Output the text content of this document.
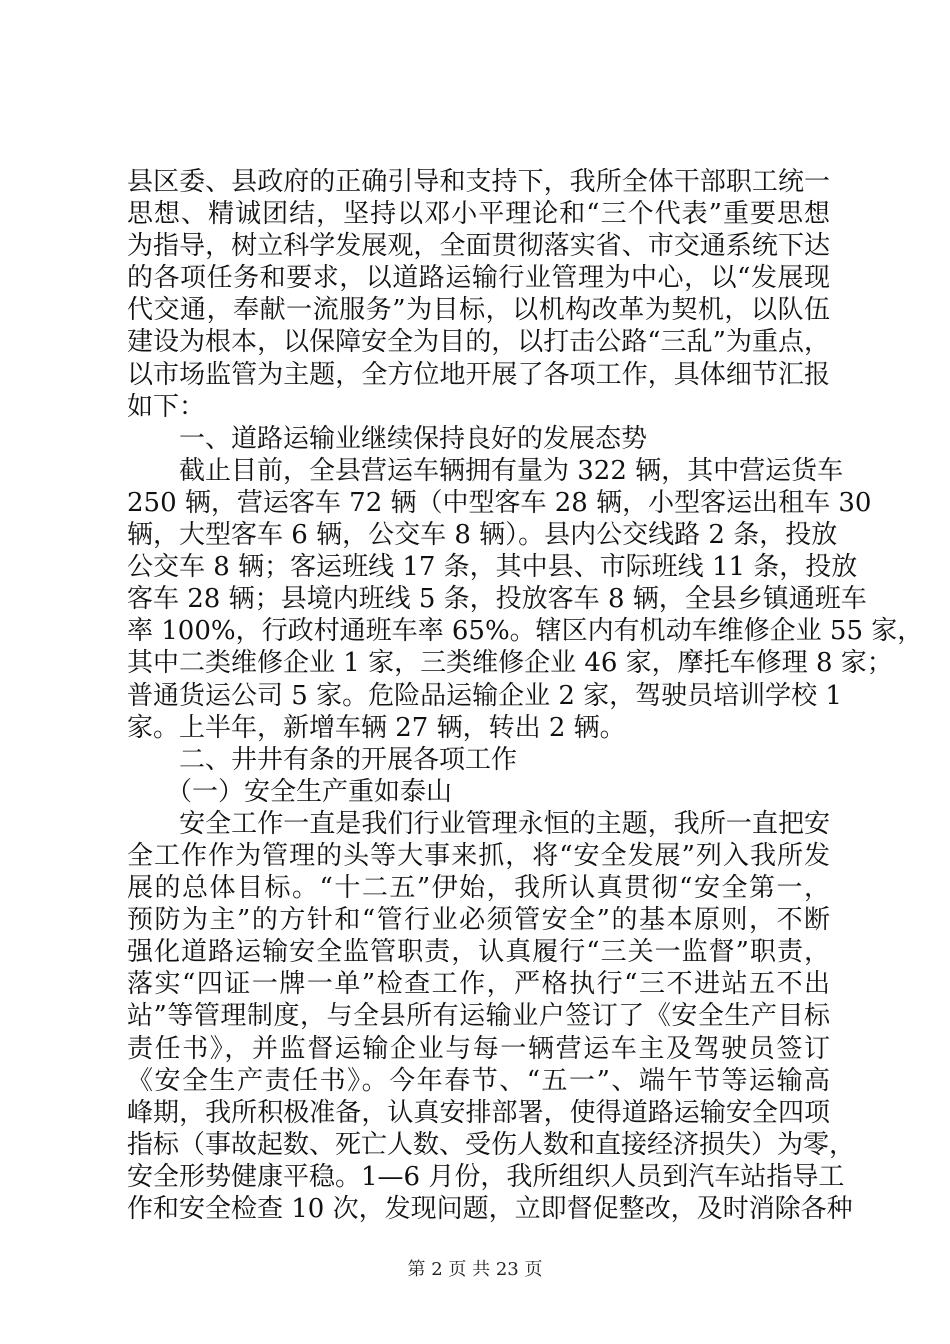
县区委、县政府的正确引导和支持下，我所全体干部职工统一
思想、精诚团结，坚持以邓小平理论和“三个代表”重要思想
为指导，树立科学发展观，全面贯彻落实省、市交通系统下达
的各项任务和要求，以道路运输行业管理为中心，以“发展现
代交通，奉献一流服务”为目标，以机构改革为契机，以队伍
建设为根本，以保障安全为目的，以打击公路“三乱”为重点，
以市场监管为主题，全方位地开展了各项工作，具体细节汇报
如下：
　　一、道路运输业继续保持良好的发展态势
　　截止目前，全县营运车辆拥有量为 322 辆，其中营运货车
250 辆，营运客车 72 辆（中型客车 28 辆，小型客运出租车 30
辆，大型客车 6 辆，公交车 8 辆）。县内公交线路 2 条，投放
公交车 8 辆；客运班线 17 条，其中县、市际班线 11 条，投放
客车 28 辆；县境内班线 5 条，投放客车 8 辆，全县乡镇通班车
率 100%，行政村通班车率 65%。辖区内有机动车维修企业 55 家，
其中二类维修企业 1 家，三类维修企业 46 家，摩托车修理 8 家；
普通货运公司 5 家。危险品运输企业 2 家，驾驶员培训学校 1
家。上半年，新增车辆 27 辆，转出 2 辆。
　　二、井井有条的开展各项工作
　　（一）安全生产重如泰山
　　安全工作一直是我们行业管理永恒的主题，我所一直把安
全工作作为管理的头等大事来抓，将“安全发展”列入我所发
展的总体目标。“十二五”伊始，我所认真贯彻“安全第一，
预防为主”的方针和“管行业必须管安全”的基本原则，不断
强化道路运输安全监管职责，认真履行“三关一监督”职责，
落实“四证一牌一单”检查工作，严格执行“三不进站五不出
站”等管理制度，与全县所有运输业户签订了《安全生产目标
责任书》，并监督运输企业与每一辆营运车主及驾驶员签订
《安全生产责任书》。今年春节、“五一”、端午节等运输高
峰期，我所积极准备，认真安排部署，使得道路运输安全四项
指标（事故起数、死亡人数、受伤人数和直接经济损失）为零，
安全形势健康平稳。1—6 月份，我所组织人员到汽车站指导工
作和安全检查 10 次，发现问题，立即督促整改，及时消除各种
第 2 页 共 23 页
